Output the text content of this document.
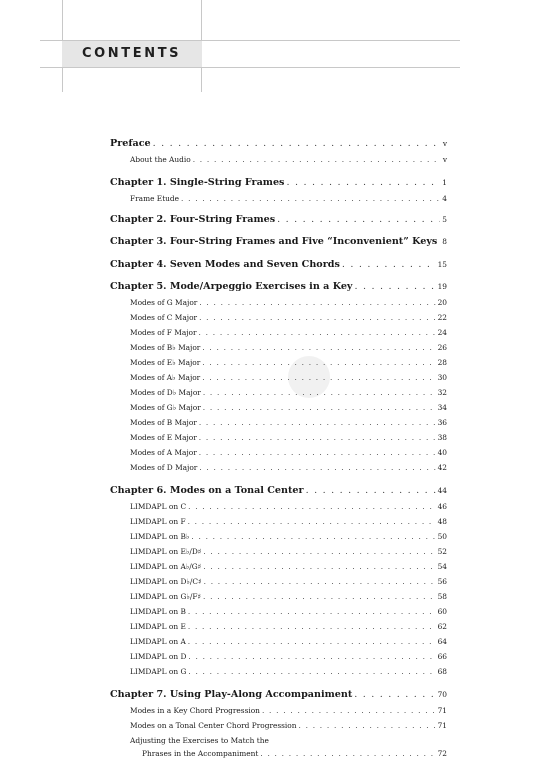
CONTENTS
Preface . . .	v
About the Audio . . .	v
Chapter 1. Single-String Frames . . .	1
Frame Etude . . .	4
Chapter 2. Four-String Frames . . .	5
Chapter 3. Four-String Frames and Five “Inconvenient” Keys . . . 8
Chapter 4. Seven Modes and Seven Chords . . .	15
Chapter 5. Mode/Arpeggio Exercises in a Key . . .	19
Modes of G Major . . .	20
Modes of C Major . . .	22
Modes of F Major . . .	24
Modes of B♭ Major . . .	26
Modes of E♭ Major . . .	28
Modes of A♭ Major . . .	30
Modes of D♭ Major . . .	32
Modes of G♭ Major . . .	34
Modes of B Major . . .	36
Modes of E Major . . .	38
Modes of A Major . . .	40
Modes of D Major . . .	42
Chapter 6. Modes on a Tonal Center . . .	44
LIMDAPL on C . . .	46
LIMDAPL on F . . .	48
LIMDAPL on B♭ . . .	50
LIMDAPL on E♭/D♯ . . .	52
LIMDAPL on A♭/G♯ . . .	54
LIMDAPL on D♭/C♯ . . .	56
LIMDAPL on G♭/F♯ . . .	58
LIMDAPL on B . . .	60
LIMDAPL on E . . .	62
LIMDAPL on A . . .	64
LIMDAPL on D . . .	66
LIMDAPL on G . . .	68
Chapter 7. Using Play-Along Accompaniment . . .	70
Modes in a Key Chord Progression . . .	71
Modes on a Tonal Center Chord Progression . . .	71
Adjusting the Exercises to Match the
Phrases in the Accompaniment . . .	72
